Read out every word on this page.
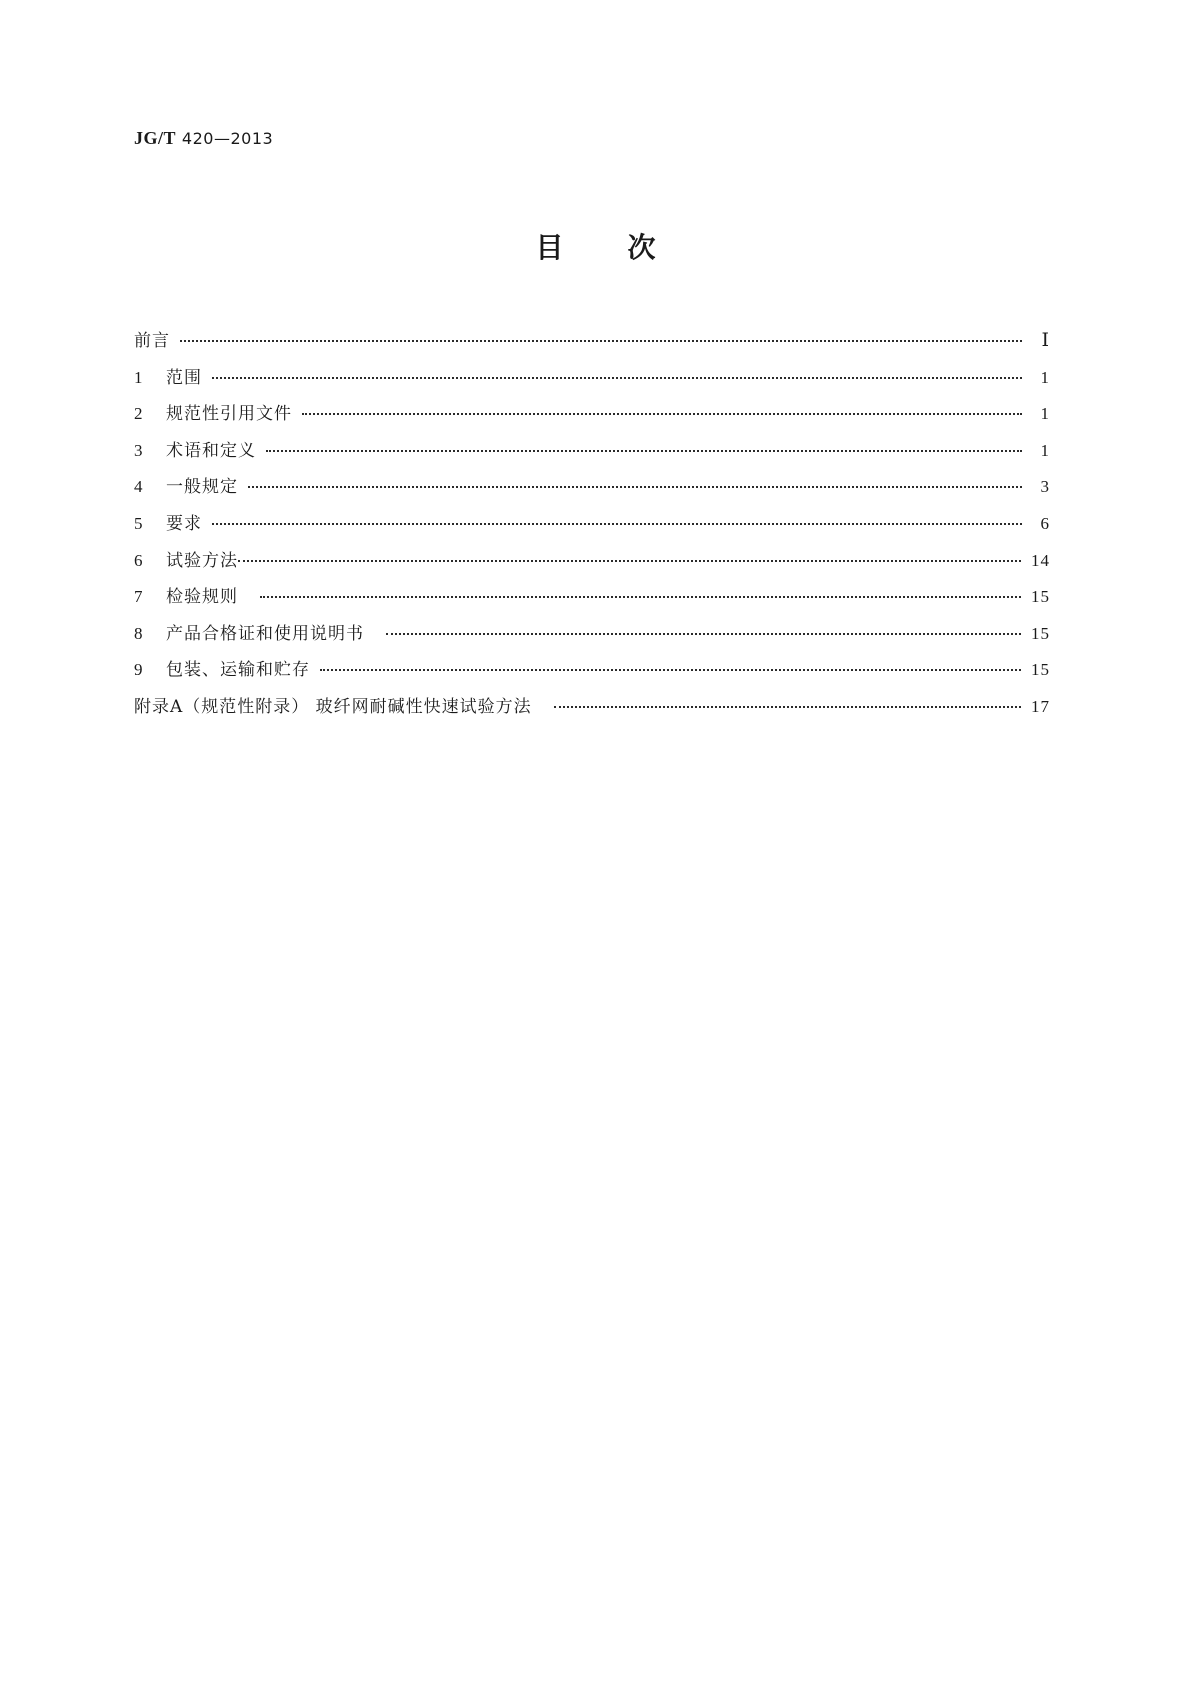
JG/T 420—2013
目次
前言	Ⅰ
1	范围	1
2	规范性引用文件	1
3	术语和定义	1
4	一般规定	3
5	要求	6
6	试验方法	14
7	检验规则	15
8	产品合格证和使用说明书	15
9	包装、运输和贮存	15
附录A（规范性附录） 玻纤网耐碱性快速试验方法	17
